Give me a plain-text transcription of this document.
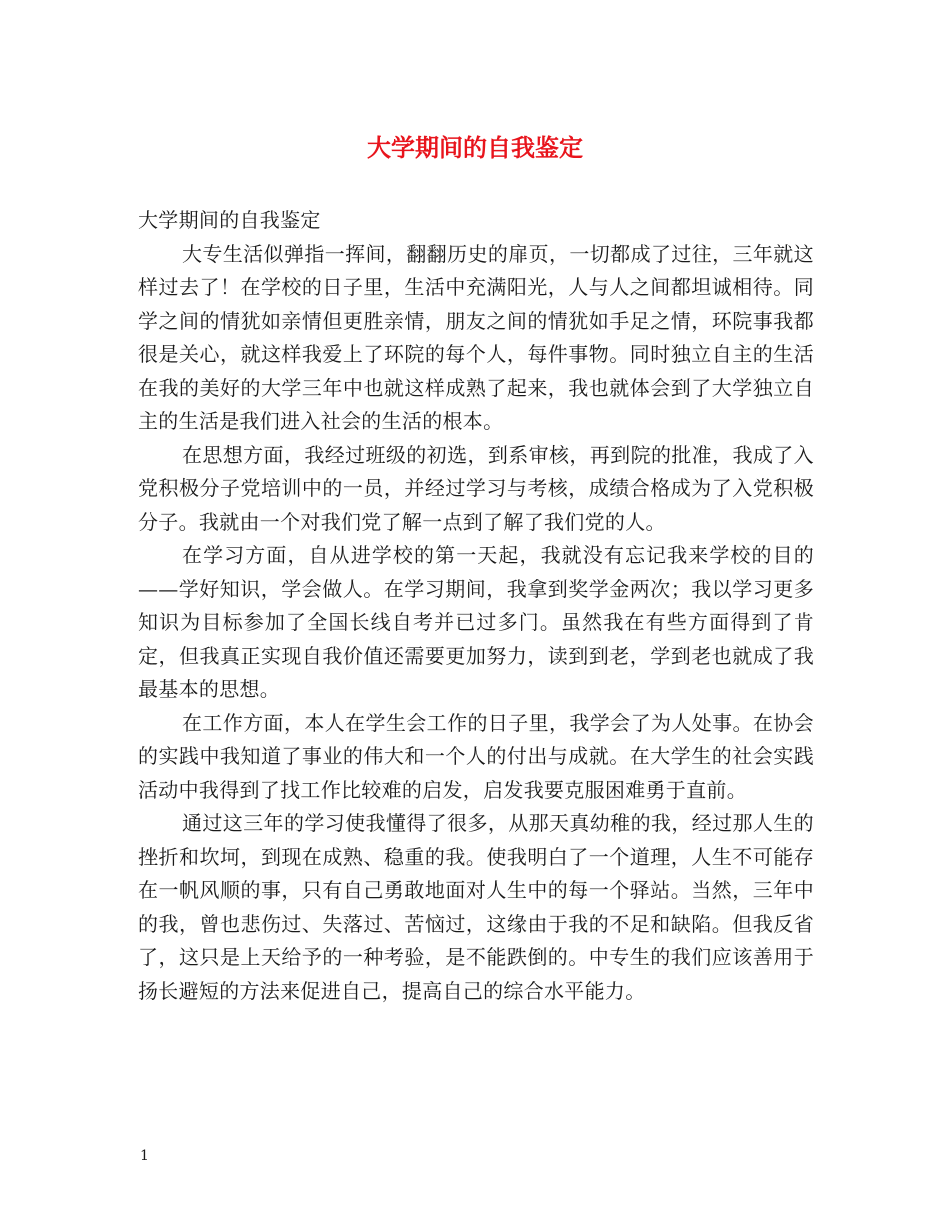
大学期间的自我鉴定

大学期间的自我鉴定

大专生活似弹指一挥间，翻翻历史的扉页，一切都成了过往，三年就这样过去了！在学校的日子里，生活中充满阳光，人与人之间都坦诚相待。同学之间的情犹如亲情但更胜亲情，朋友之间的情犹如手足之情，环院事我都很是关心，就这样我爱上了环院的每个人，每件事物。同时独立自主的生活在我的美好的大学三年中也就这样成熟了起来，我也就体会到了大学独立自主的生活是我们进入社会的生活的根本。

在思想方面，我经过班级的初选，到系审核，再到院的批准，我成了入党积极分子党培训中的一员，并经过学习与考核，成绩合格成为了入党积极分子。我就由一个对我们党了解一点到了解了我们党的人。

在学习方面，自从进学校的第一天起，我就没有忘记我来学校的目的——学好知识，学会做人。在学习期间，我拿到奖学金两次；我以学习更多知识为目标参加了全国长线自考并已过多门。虽然我在有些方面得到了肯定，但我真正实现自我价值还需要更加努力，读到到老，学到老也就成了我最基本的思想。

在工作方面，本人在学生会工作的日子里，我学会了为人处事。在协会的实践中我知道了事业的伟大和一个人的付出与成就。在大学生的社会实践活动中我得到了找工作比较难的启发，启发我要克服困难勇于直前。

通过这三年的学习使我懂得了很多，从那天真幼稚的我，经过那人生的挫折和坎坷，到现在成熟、稳重的我。使我明白了一个道理，人生不可能存在一帆风顺的事，只有自己勇敢地面对人生中的每一个驿站。当然，三年中的我，曾也悲伤过、失落过、苦恼过，这缘由于我的不足和缺陷。但我反省了，这只是上天给予的一种考验，是不能跌倒的。中专生的我们应该善用于扬长避短的方法来促进自己，提高自己的综合水平能力。

1
